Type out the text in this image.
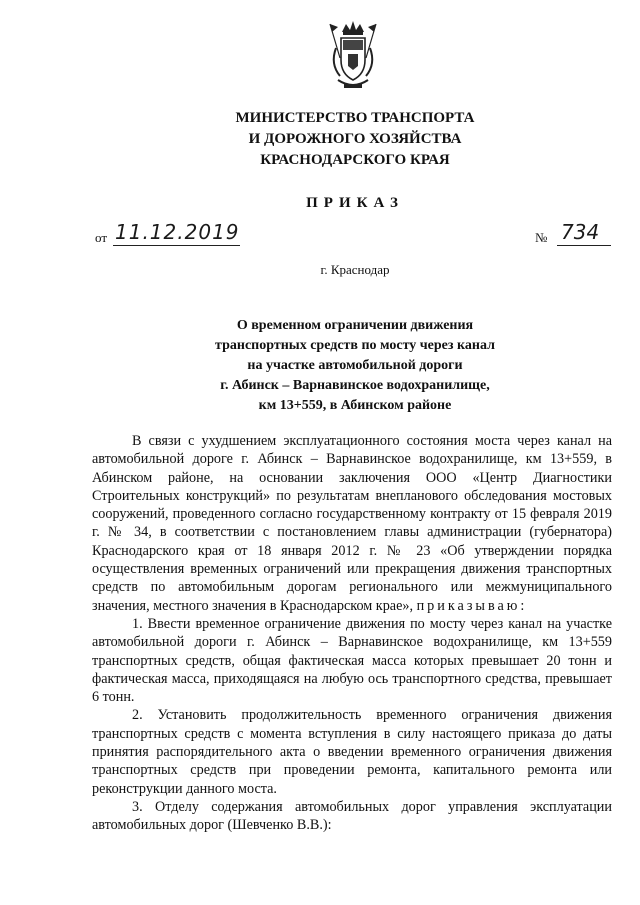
МИНИСТЕРСТВО ТРАНСПОРТА
И ДОРОЖНОГО ХОЗЯЙСТВА
КРАСНОДАРСКОГО КРАЯ
ПРИКАЗ
от 11.12.2019	№ 734
г. Краснодар
О временном ограничении движения
транспортных средств по мосту через канал
на участке автомобильной дороги
г. Абинск – Варнавинское водохранилище,
км 13+559, в Абинском районе

В связи с ухудшением эксплуатационного состояния моста через канал на автомобильной дороге г. Абинск – Варнавинское водохранилище, км 13+559, в Абинском районе, на основании заключения ООО «Центр Диагностики Строительных конструкций» по результатам внепланового обследования мостовых сооружений, проведенного согласно государственному контракту от 15 февраля 2019 г. № 34, в соответствии с постановлением главы администрации (губернатора) Краснодарского края от 18 января 2012 г. № 23 «Об утверждении порядка осуществления временных ограничений или прекращения движения транспортных средств по автомобильным дорогам регионального или межмуниципального значения, местного значения в Краснодарском крае», приказываю:

1. Ввести временное ограничение движения по мосту через канал на участке автомобильной дороги г. Абинск – Варнавинское водохранилище, км 13+559 транспортных средств, общая фактическая масса которых превышает 20 тонн и фактическая масса, приходящаяся на любую ось транспортного средства, превышает 6 тонн.

2. Установить продолжительность временного ограничения движения транспортных средств с момента вступления в силу настоящего приказа до даты принятия распорядительного акта о введении временного ограничения движения транспортных средств при проведении ремонта, капитального ремонта или реконструкции данного моста.

3. Отделу содержания автомобильных дорог управления эксплуатации автомобильных дорог (Шевченко В.В.):
